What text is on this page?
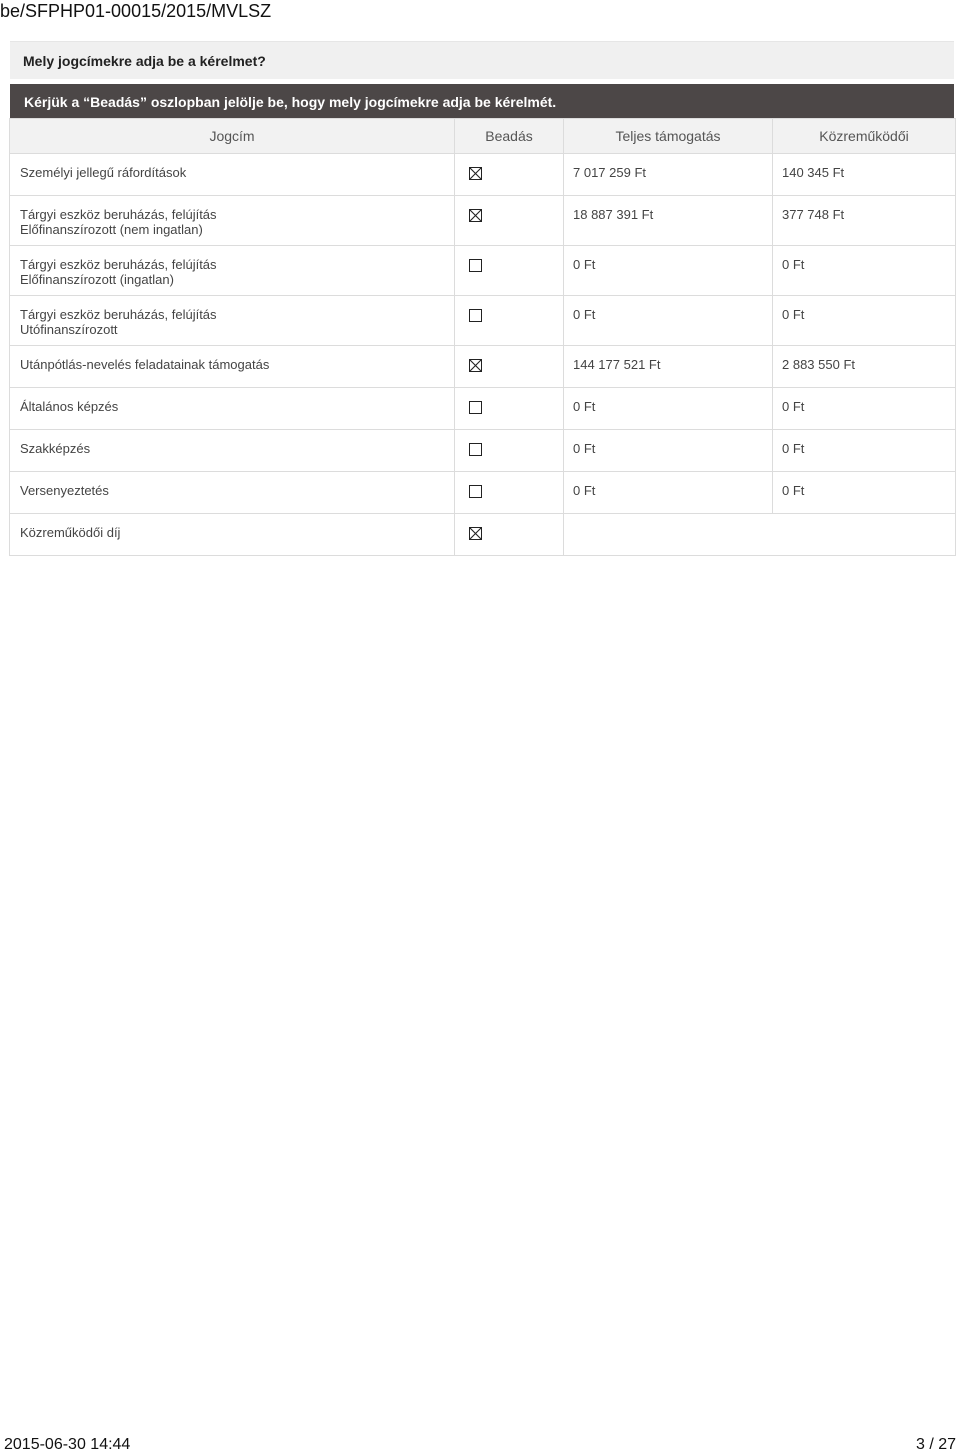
be/SFPHP01-00015/2015/MVLSZ
Mely jogcímekre adja be a kérelmet?
Kérjük a “Beadás” oszlopban jelölje be, hogy mely jogcímekre adja be kérelmét.
Jogcím	Beadás	Teljes támogatás	Közreműködői

Személyi jellegű ráfordítások		7 017 259 Ft	140 345 Ft

Tárgyi eszköz beruházás, felújítás
Előfinanszírozott (nem ingatlan)		18 887 391 Ft	377 748 Ft

Tárgyi eszköz beruházás, felújítás
Előfinanszírozott (ingatlan)		0 Ft	0 Ft

Tárgyi eszköz beruházás, felújítás
Utófinanszírozott		0 Ft	0 Ft

Utánpótlás-nevelés feladatainak támogatás		144 177 521 Ft	2 883 550 Ft

Általános képzés		0 Ft	0 Ft

Szakképzés		0 Ft	0 Ft

Versenyeztetés		0 Ft	0 Ft

Közreműködői díj

2015-06-30 14:44	3 / 27
